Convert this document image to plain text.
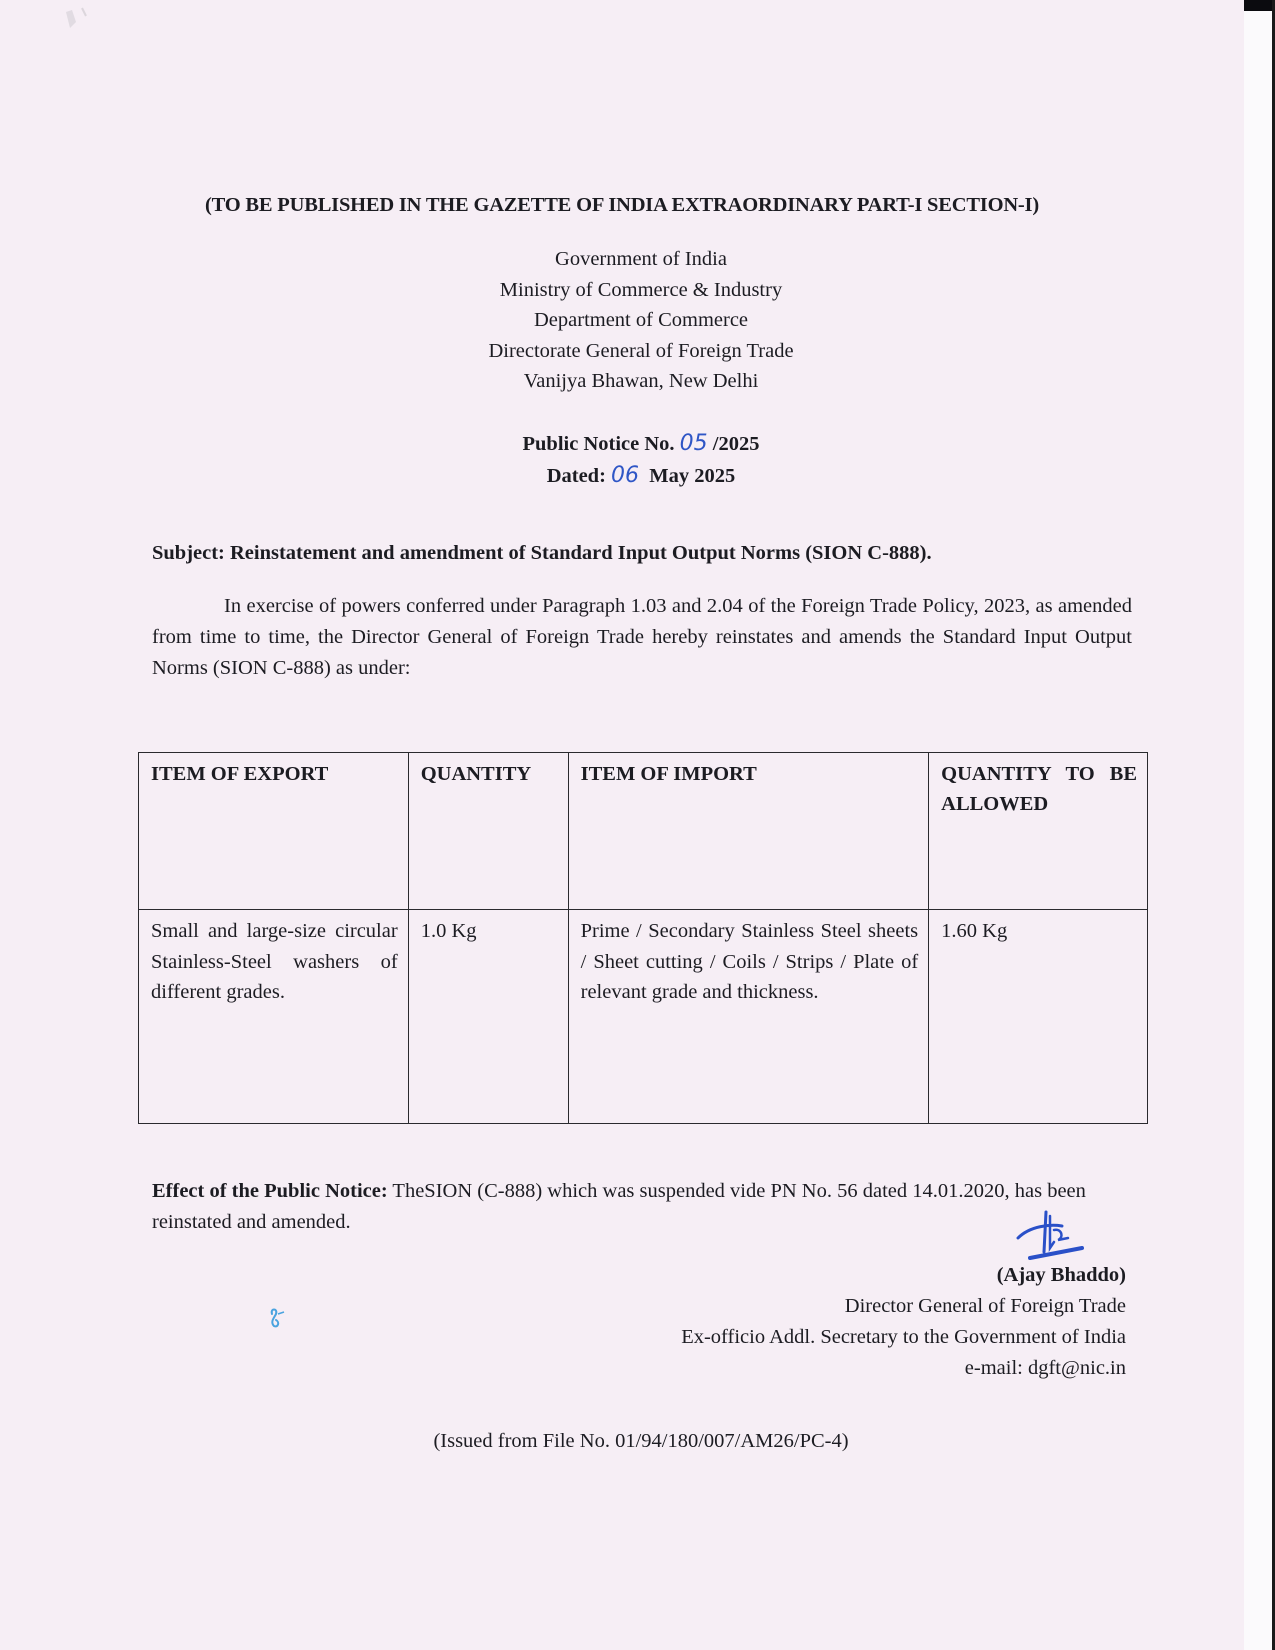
(TO BE PUBLISHED IN THE GAZETTE OF INDIA EXTRAORDINARY PART-I SECTION-I)
Government of India
Ministry of Commerce & Industry
Department of Commerce
Directorate General of Foreign Trade
Vanijya Bhawan, New Delhi
Public Notice No. 05 /2025
Dated: 06 May 2025
Subject: Reinstatement and amendment of Standard Input Output Norms (SION C-888).
In exercise of powers conferred under Paragraph 1.03 and 2.04 of the Foreign Trade Policy, 2023, as amended from time to time, the Director General of Foreign Trade hereby reinstates and amends the Standard Input Output Norms (SION C-888) as under:
ITEM OF EXPORT	QUANTITY	ITEM OF IMPORT	QUANTITY TO BE ALLOWED
Small and large-size circular Stainless-Steel washers of different grades.	1.0 Kg	Prime / Secondary Stainless Steel sheets / Sheet cutting / Coils / Strips / Plate of relevant grade and thickness.	1.60 Kg
Effect of the Public Notice: TheSION (C-888) which was suspended vide PN No. 56 dated 14.01.2020, has been reinstated and amended.
(Ajay Bhaddo)
Director General of Foreign Trade
Ex-officio Addl. Secretary to the Government of India
e-mail: dgft@nic.in
(Issued from File No. 01/94/180/007/AM26/PC-4)
